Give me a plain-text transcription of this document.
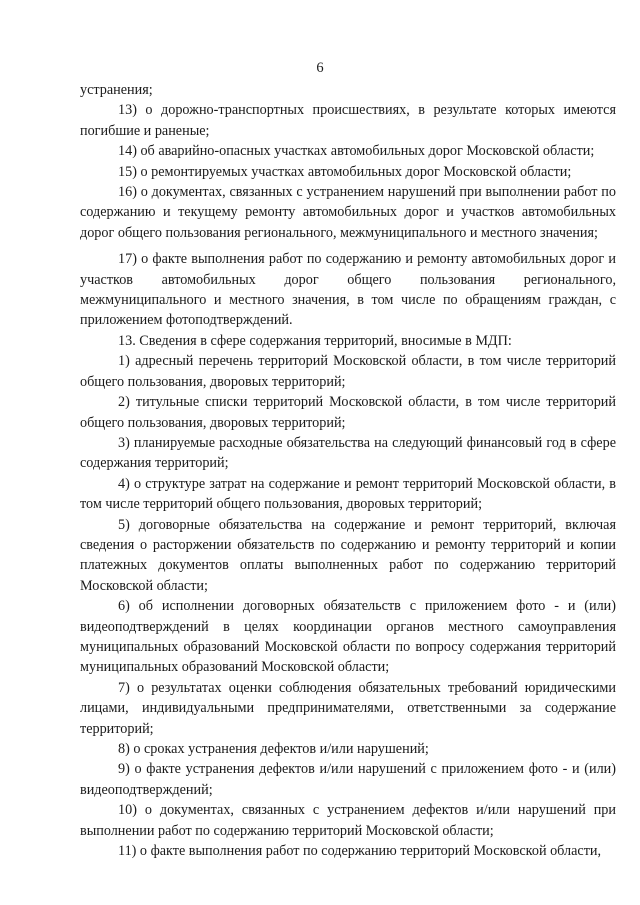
6

устранения;

13) о дорожно-транспортных происшествиях, в результате которых имеются погибшие и раненые;

14) об аварийно-опасных участках автомобильных дорог Московской области;

15) о ремонтируемых участках автомобильных дорог Московской области;

16) о документах, связанных с устранением нарушений при выполнении работ по содержанию и текущему ремонту автомобильных дорог и участков автомобильных дорог общего пользования регионального, межмуниципального и местного значения;

17) о факте выполнения работ по содержанию и ремонту автомобильных дорог и участков автомобильных дорог общего пользования регионального, межмуниципального и местного значения, в том числе по обращениям граждан, с приложением фотоподтверждений.

13. Сведения в сфере содержания территорий, вносимые в МДП:

1) адресный перечень территорий Московской области, в том числе территорий общего пользования, дворовых территорий;

2) титульные списки территорий Московской области, в том числе территорий общего пользования, дворовых территорий;

3) планируемые расходные обязательства на следующий финансовый год в сфере содержания территорий;

4) о структуре затрат на содержание и ремонт территорий Московской области, в том числе территорий общего пользования, дворовых территорий;

5) договорные обязательства на содержание и ремонт территорий, включая сведения о расторжении обязательств по содержанию и ремонту территорий и копии платежных документов оплаты выполненных работ по содержанию территорий Московской области;

6) об исполнении договорных обязательств с приложением фото - и (или) видеоподтверждений в целях координации органов местного самоуправления муниципальных образований Московской области по вопросу содержания территорий муниципальных образований Московской области;

7) о результатах оценки соблюдения обязательных требований юридическими лицами, индивидуальными предпринимателями, ответственными за содержание территорий;

8) о сроках устранения дефектов и/или нарушений;

9) о факте устранения дефектов и/или нарушений с приложением фото - и (или) видеоподтверждений;

10) о документах, связанных с устранением дефектов и/или нарушений при выполнении работ по содержанию территорий Московской области;

11) о факте выполнения работ по содержанию территорий Московской области,
